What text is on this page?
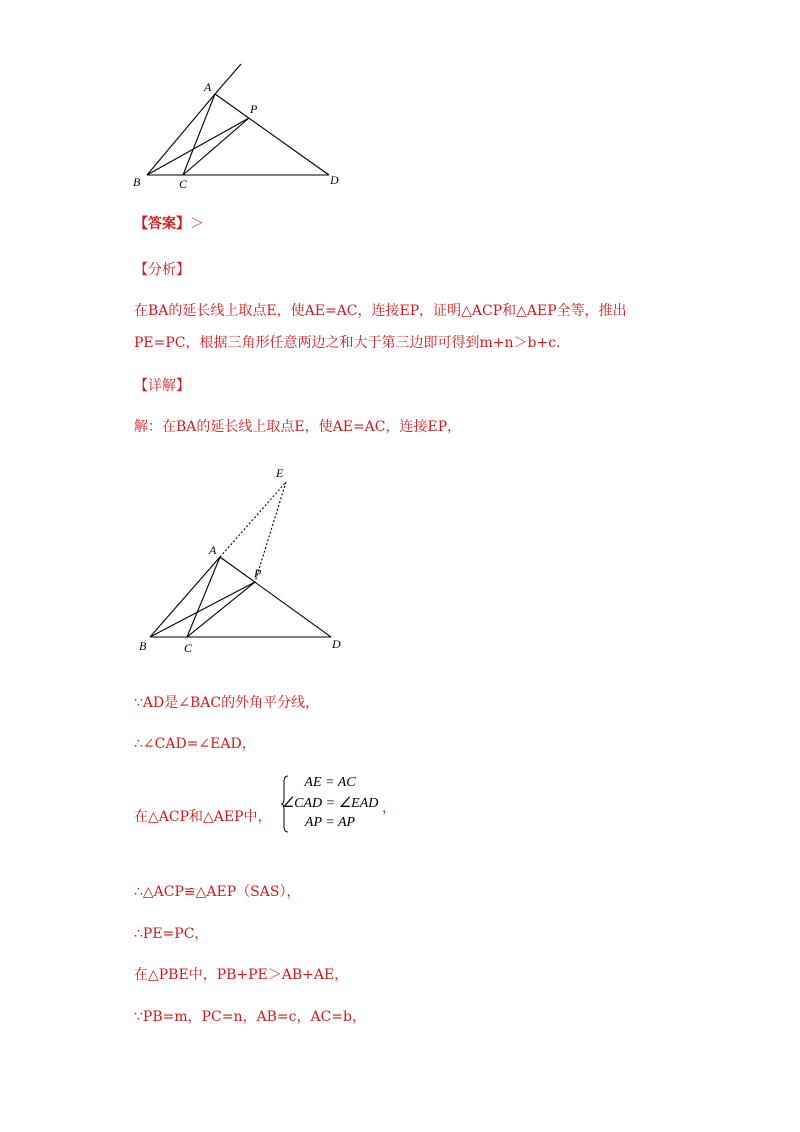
A
P
B	C	D
【答案】＞
【分析】
在BA的延长线上取点E，使AE=AC，连接EP，证明△ACP和△AEP全等，推出
PE=PC，根据三角形任意两边之和大于第三边即可得到m+n＞b+c．
【详解】
解：在BA的延长线上取点E，使AE=AC，连接EP，
E
A
P
B	C	D
∵AD是∠BAC的外角平分线，
∴∠CAD=∠EAD，
在△ACP和△AEP中，
AE = AC
∠CAD = ∠EAD
AP = AP
，
∴△ACP≌△AEP（SAS），
∴PE=PC，
在△PBE中，PB+PE＞AB+AE，
∵PB=m，PC=n，AB=c，AC=b，
